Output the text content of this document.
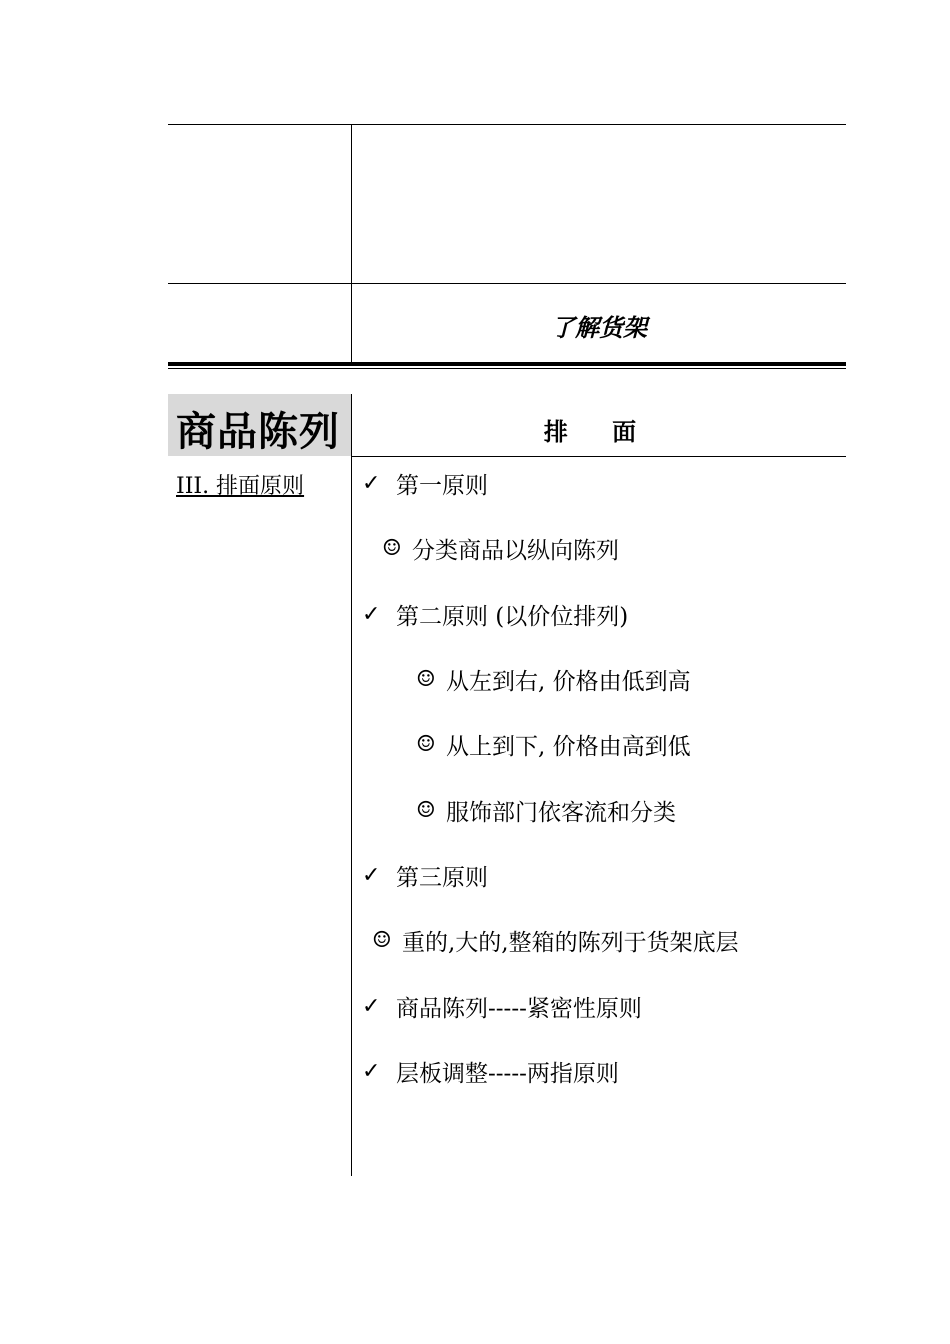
了解货架
商品陈列	排 面
III. 排面原则	✓ 第一原则
☺ 分类商品以纵向陈列
✓ 第二原则 (以价位排列)
☺ 从左到右, 价格由低到高
☺ 从上到下, 价格由高到低
☺ 服饰部门依客流和分类
✓ 第三原则
☺ 重的,大的,整箱的陈列于货架底层
✓ 商品陈列-----紧密性原则
✓ 层板调整-----两指原则
